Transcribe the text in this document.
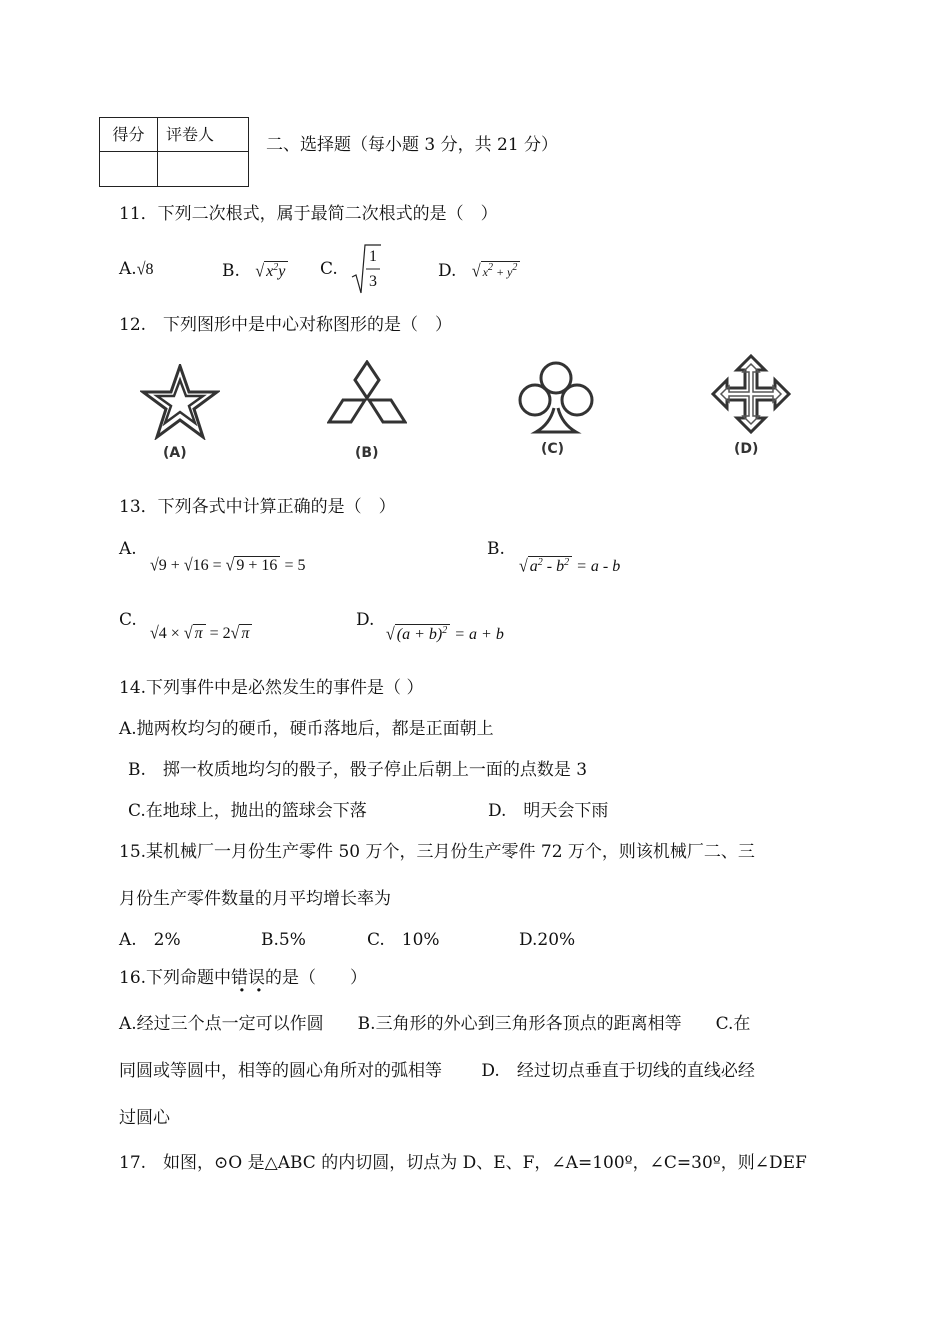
得分	评卷人

二、选择题（每小题 3 分，共 21 分）
11．下列二次根式，属于最简二次根式的是（　）
A.√8	B. √ $x^2y$ C.
1
3
D. √ $x^2 + y^2$
12.　下列图形中是中心对称图形的是（　）
(A)	(B)	(C)	(D)
13．下列各式中计算正确的是（　）
A.
√9 + √16 = √ 9 + 16 = 5
B.
√ $a^2 - b^2 = a - b$
C.
√4 × √ π = 2√ π
D.
√ $(a + b)^2 = a + b$
14.下列事件中是必然发生的事件是（ ）
A.抛两枚均匀的硬币，硬币落地后，都是正面朝上
B.　掷一枚质地均匀的骰子，骰子停止后朝上一面的点数是 3
C.在地球上，抛出的篮球会下落	D.　明天会下雨
15.某机械厂一月份生产零件 50 万个，三月份生产零件 72 万个，则该机械厂二、三
月份生产零件数量的月平均增长率为
A.　2%	B.5%	C.　10%	D.20%
16.下列命题中错误的是（　　）
A.经过三个点一定可以作圆　　B.三角形的外心到三角形各顶点的距离相等　　C.在
同圆或等圆中，相等的圆心角所对的弧相等　　 D.　经过切点垂直于切线的直线必经
过圆心
17.　如图，⊙O 是△ABC 的内切圆，切点为 D、E、F，∠A=100º，∠C=30º，则∠DEF
